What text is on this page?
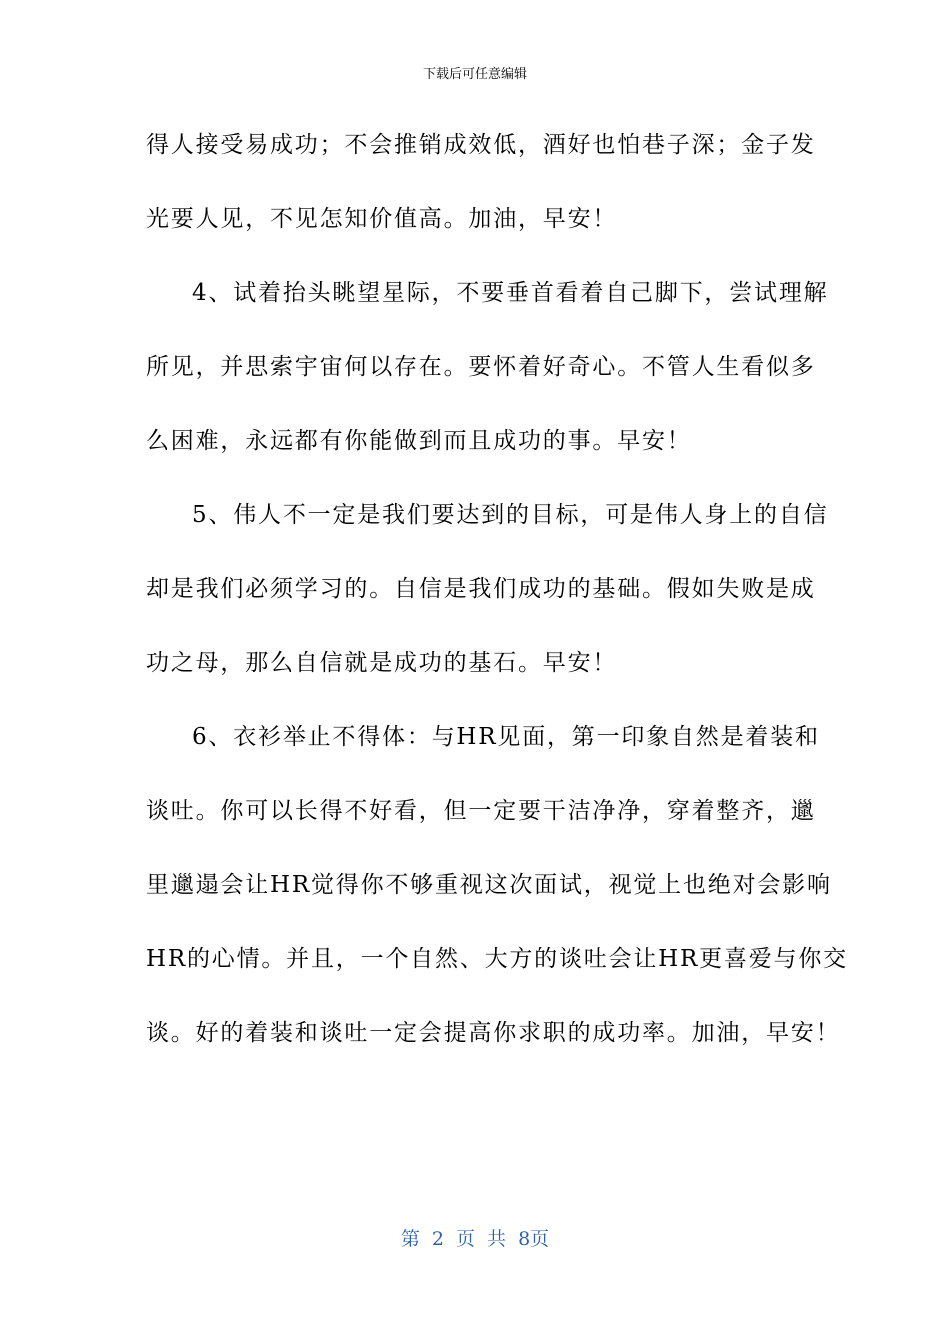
下载后可任意编辑
得人接受易成功；不会推销成效低，酒好也怕巷子深；金子发
光要人见，不见怎知价值高。加油，早安！
4、试着抬头眺望星际，不要垂首看着自己脚下，尝试理解
所见，并思索宇宙何以存在。要怀着好奇心。不管人生看似多
么困难，永远都有你能做到而且成功的事。早安！
5、伟人不一定是我们要达到的目标，可是伟人身上的自信
却是我们必须学习的。自信是我们成功的基础。假如失败是成
功之母，那么自信就是成功的基石。早安！
6、衣衫举止不得体：与HR见面，第一印象自然是着装和
谈吐。你可以长得不好看，但一定要干洁净净，穿着整齐，邋
里邋遢会让HR觉得你不够重视这次面试，视觉上也绝对会影响
HR的心情。并且，一个自然、大方的谈吐会让HR更喜爱与你交
谈。好的着装和谈吐一定会提高你求职的成功率。加油，早安！
第 2 页 共 8页
